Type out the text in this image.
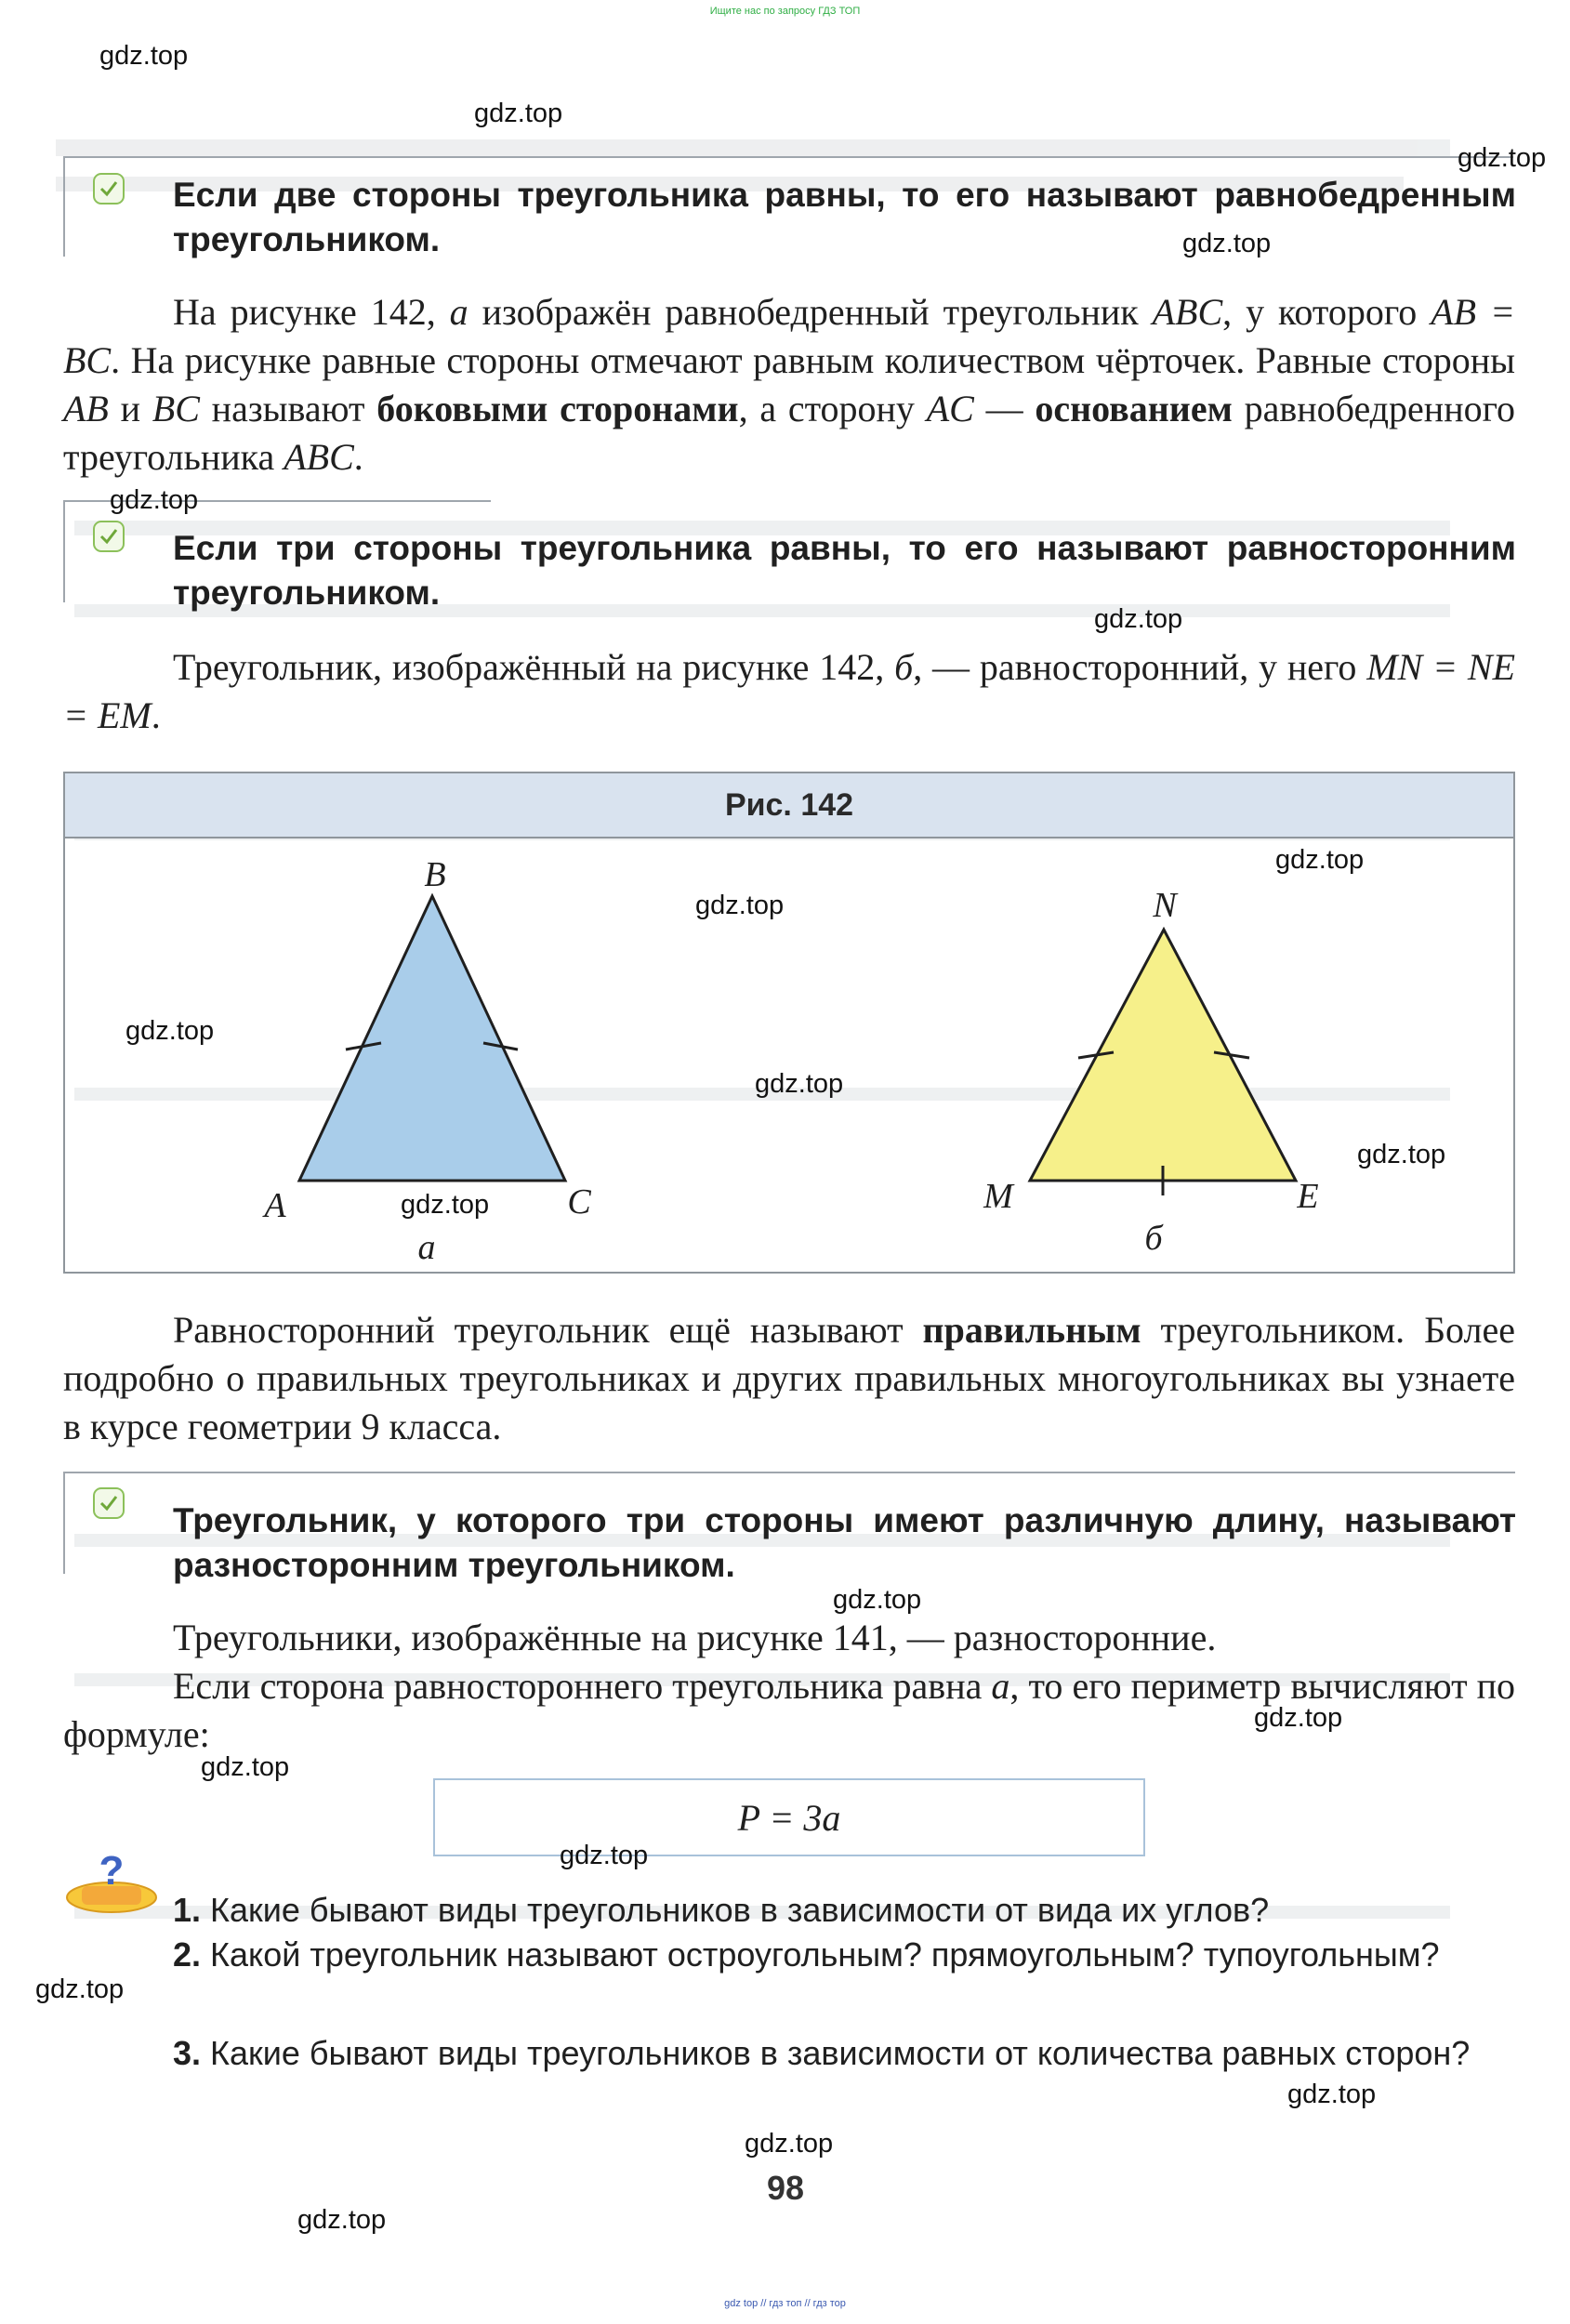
Ищите нас по запросу ГДЗ ТОП
Если две стороны треугольника равны, то его называют равнобедренным треугольником.
На рисунке 142, а изображён равнобедренный треугольник ABC, у которого AB = BC. На рисунке равные стороны отмечают равным количеством чёрточек. Равные стороны AB и BC называют боковыми сторонами, а сторону AC — основанием равнобедренного треугольника ABC.
Если три стороны треугольника равны, то его называют равносторонним треугольником.
Треугольник, изображённый на рисунке 142, б, — равносторонний, у него MN = NE = EM.
Рис. 142
B
A	C
а
N
M	E
б
Равносторонний треугольник ещё называют правильным треугольником. Более подробно о правильных треугольниках и других правильных многоугольниках вы узнаете в курсе геометрии 9 класса.
Треугольник, у которого три стороны имеют различную длину, называют разносторонним треугольником.
Треугольники, изображённые на рисунке 141, — разносторонние.
Если сторона равностороннего треугольника равна a, то его периметр вычисляют по формуле:
P = 3a
?
1. Какие бывают виды треугольников в зависимости от вида их углов?
2. Какой треугольник называют остроугольным? прямоугольным? тупоугольным?
3. Какие бывают виды треугольников в зависимости от количества равных сторон?
98
gdz top // гдз топ // гдз тор
gdz.top
gdz.top
gdz.top
gdz.top
gdz.top
gdz.top
gdz.top
gdz.top
gdz.top
gdz.top
gdz.top
gdz.top
gdz.top
gdz.top
gdz.top
gdz.top
gdz.top
gdz.top
gdz.top
gdz.top
